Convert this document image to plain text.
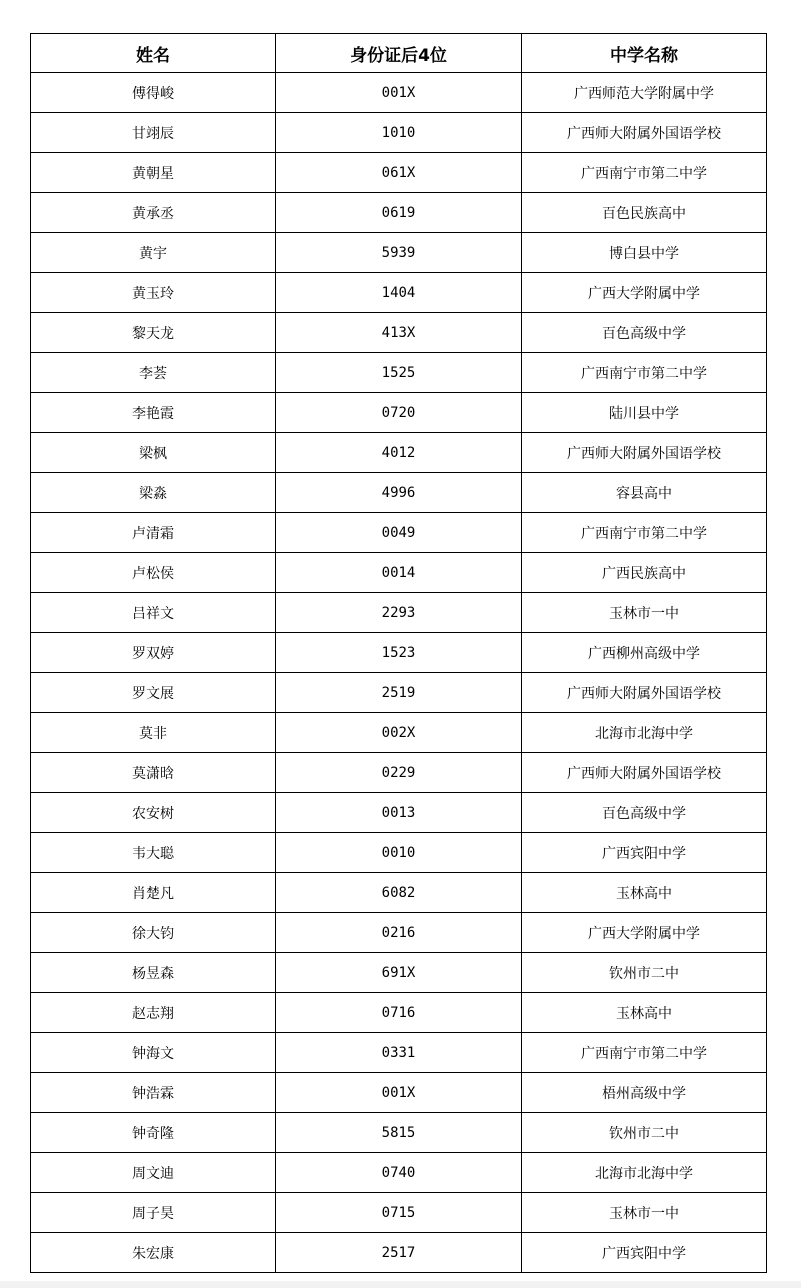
姓名	身份证后4位	中学名称
傅得峻	001X	广西师范大学附属中学
甘翊辰	1010	广西师大附属外国语学校
黄朝星	061X	广西南宁市第二中学
黄承丞	0619	百色民族高中
黄宇	5939	博白县中学
黄玉玲	1404	广西大学附属中学
黎天龙	413X	百色高级中学
李荟	1525	广西南宁市第二中学
李艳霞	0720	陆川县中学
梁枫	4012	广西师大附属外国语学校
梁淼	4996	容县高中
卢清霜	0049	广西南宁市第二中学
卢松侯	0014	广西民族高中
吕祥文	2293	玉林市一中
罗双婷	1523	广西柳州高级中学
罗文展	2519	广西师大附属外国语学校
莫非	002X	北海市北海中学
莫潇晗	0229	广西师大附属外国语学校
农安树	0013	百色高级中学
韦大聪	0010	广西宾阳中学
肖楚凡	6082	玉林高中
徐大钧	0216	广西大学附属中学
杨昱森	691X	钦州市二中
赵志翔	0716	玉林高中
钟海文	0331	广西南宁市第二中学
钟浩霖	001X	梧州高级中学
钟奇隆	5815	钦州市二中
周文迪	0740	北海市北海中学
周子昊	0715	玉林市一中
朱宏康	2517	广西宾阳中学
